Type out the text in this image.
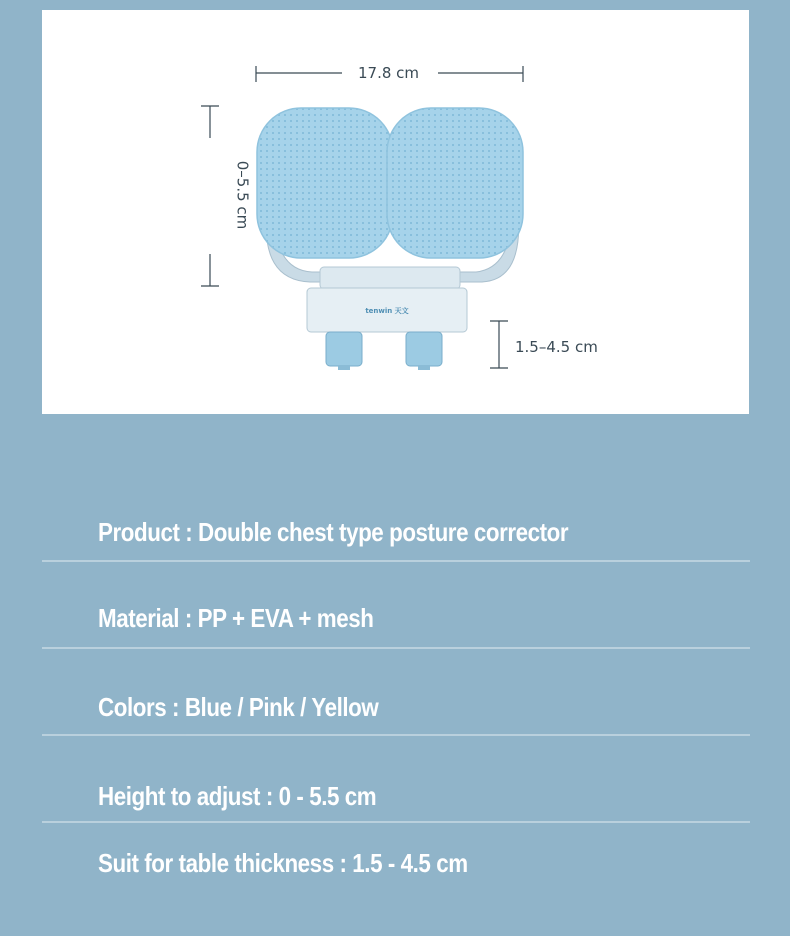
tenwin 天文
17.8 cm
0–5.5 cm
1.5–4.5 cm
Product : Double chest type posture corrector
Material : PP + EVA + mesh
Colors : Blue / Pink / Yellow
Height to adjust : 0 - 5.5 cm
Suit for table thickness : 1.5 - 4.5 cm
